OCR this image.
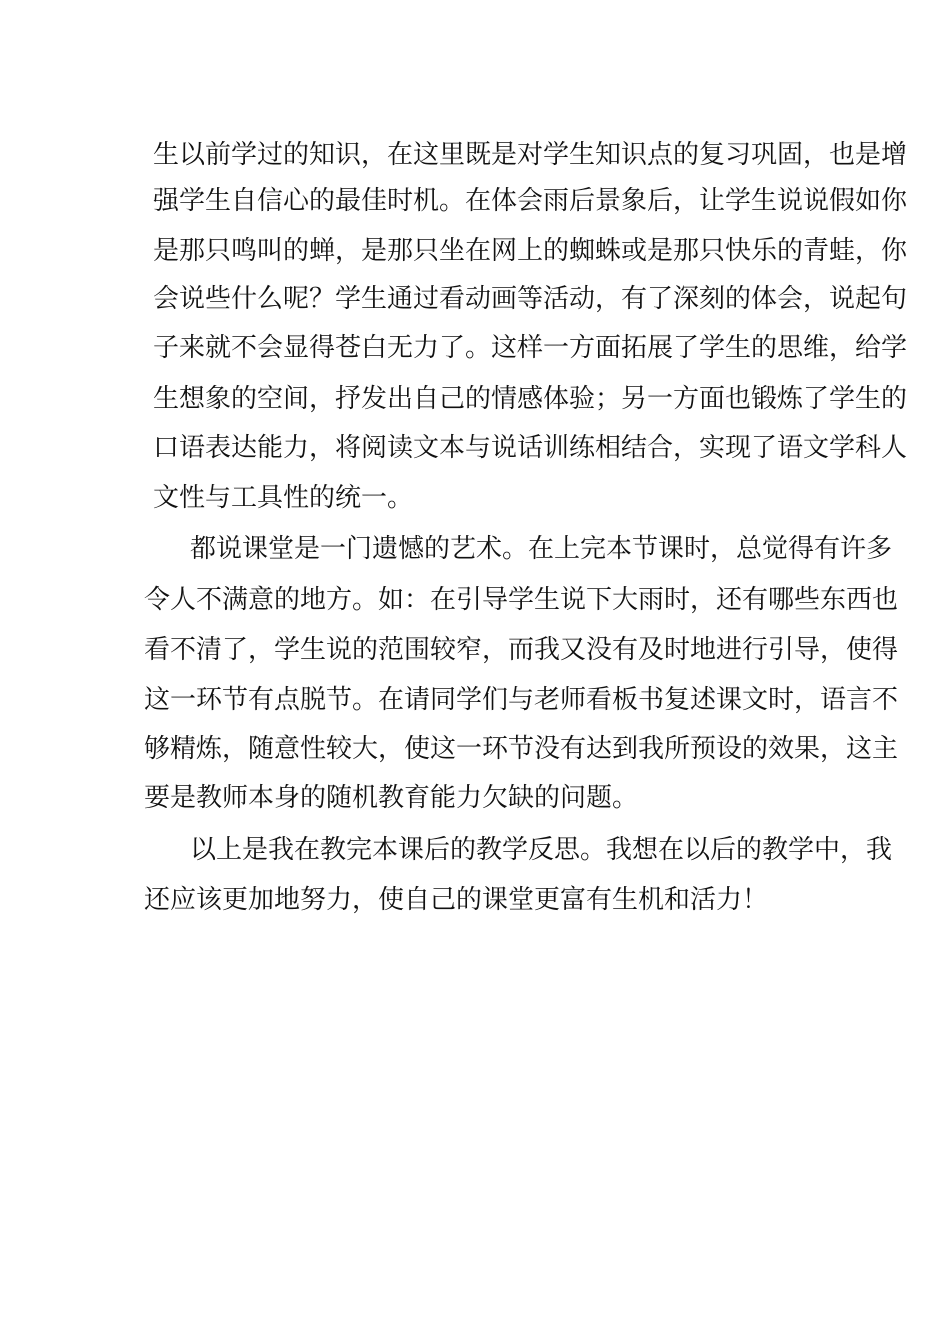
生以前学过的知识，在这里既是对学生知识点的复习巩固，也是增
强学生自信心的最佳时机。在体会雨后景象后，让学生说说假如你
是那只鸣叫的蝉，是那只坐在网上的蜘蛛或是那只快乐的青蛙，你
会说些什么呢？学生通过看动画等活动，有了深刻的体会，说起句
子来就不会显得苍白无力了。这样一方面拓展了学生的思维，给学
生想象的空间，抒发出自己的情感体验；另一方面也锻炼了学生的
口语表达能力，将阅读文本与说话训练相结合，实现了语文学科人
文性与工具性的统一。
都说课堂是一门遗憾的艺术。在上完本节课时，总觉得有许多
令人不满意的地方。如：在引导学生说下大雨时，还有哪些东西也
看不清了，学生说的范围较窄，而我又没有及时地进行引导，使得
这一环节有点脱节。在请同学们与老师看板书复述课文时，语言不
够精炼，随意性较大，使这一环节没有达到我所预设的效果，这主
要是教师本身的随机教育能力欠缺的问题。
以上是我在教完本课后的教学反思。我想在以后的教学中，我
还应该更加地努力，使自己的课堂更富有生机和活力！
